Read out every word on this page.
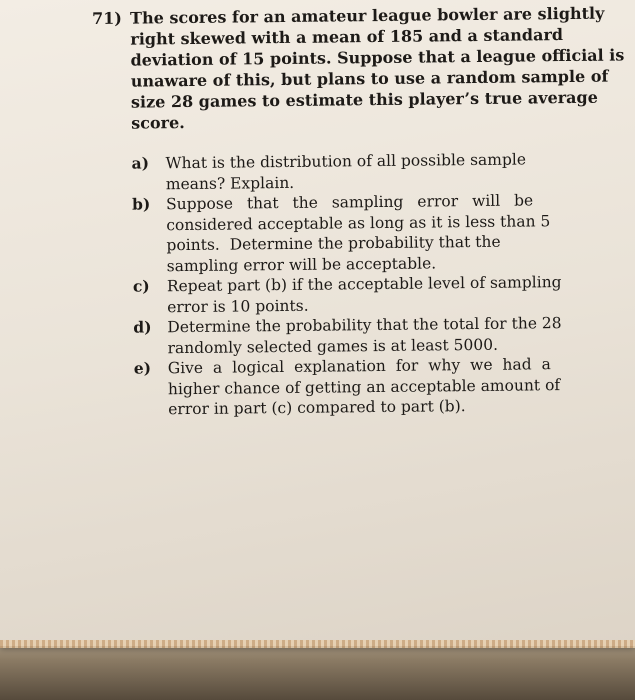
71) The scores for an amateur league bowler are slightly
right skewed with a mean of 185 and a standard
deviation of 15 points. Suppose that a league official is
unaware of this, but plans to use a random sample of
size 28 games to estimate this player’s true average
score.
a) What is the distribution of all possible sample
means? Explain.
b) Suppose that the sampling error will be
considered acceptable as long as it is less than 5
points.  Determine the probability that the
sampling error will be acceptable.
c) Repeat part (b) if the acceptable level of sampling
error is 10 points.
d) Determine the probability that the total for the 28
randomly selected games is at least 5000.
e) Give a logical explanation for why we had a
higher chance of getting an acceptable amount of
error in part (c) compared to part (b).
